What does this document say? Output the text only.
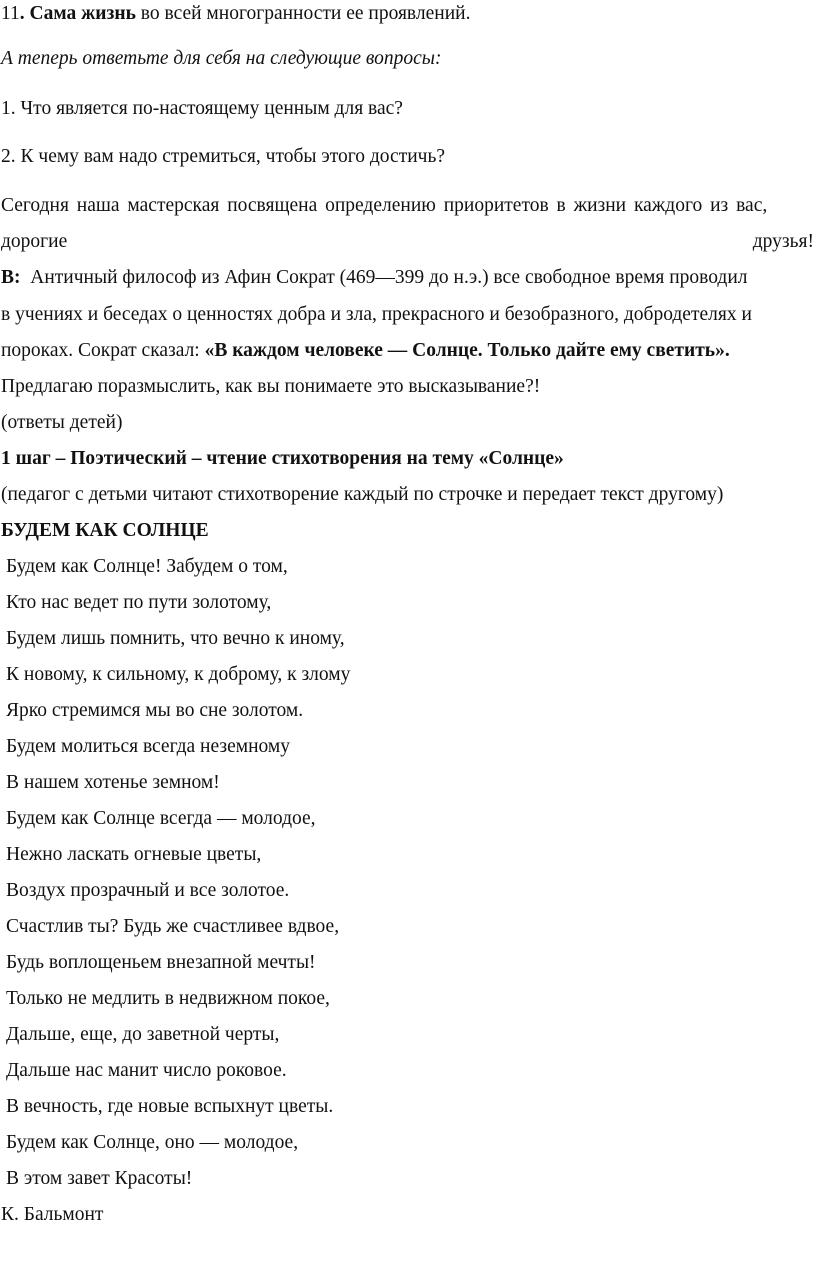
11. Сама жизнь во всей многогранности ее проявлений.
А теперь ответьте для себя на следующие вопросы:
1. Что является по-настоящему ценным для вас?
2. К чему вам надо стремиться, чтобы этого достичь?
Сегодня наша мастерская посвящена определению приоритетов в жизни каждого из вас,
дорогие	друзья!
В: Античный философ из Афин Сократ (469—399 до н.э.) все свободное время проводил
в учениях и беседах о ценностях добра и зла, прекрасного и безобразного, добродетелях и
пороках. Сократ сказал: «В каждом человеке — Солнце. Только дайте ему светить».
Предлагаю поразмыслить, как вы понимаете это высказывание?!
(ответы детей)
1 шаг – Поэтический – чтение стихотворения на тему «Солнце»
(педагог с детьми читают стихотворение каждый по строчке и передает текст другому)
БУДЕМ КАК СОЛНЦЕ
Будем как Солнце! Забудем о том,
Кто нас ведет по пути золотому,
Будем лишь помнить, что вечно к иному,
К новому, к сильному, к доброму, к злому
Ярко стремимся мы во сне золотом.
Будем молиться всегда неземному
В нашем хотенье земном!
Будем как Солнце всегда — молодое,
Нежно ласкать огневые цветы,
Воздух прозрачный и все золотое.
Счастлив ты? Будь же счастливее вдвое,
Будь воплощеньем внезапной мечты!
Только не медлить в недвижном покое,
Дальше, еще, до заветной черты,
Дальше нас манит число роковое.
В вечность, где новые вспыхнут цветы.
Будем как Солнце, оно — молодое,
В этом завет Красоты!
К. Бальмонт
